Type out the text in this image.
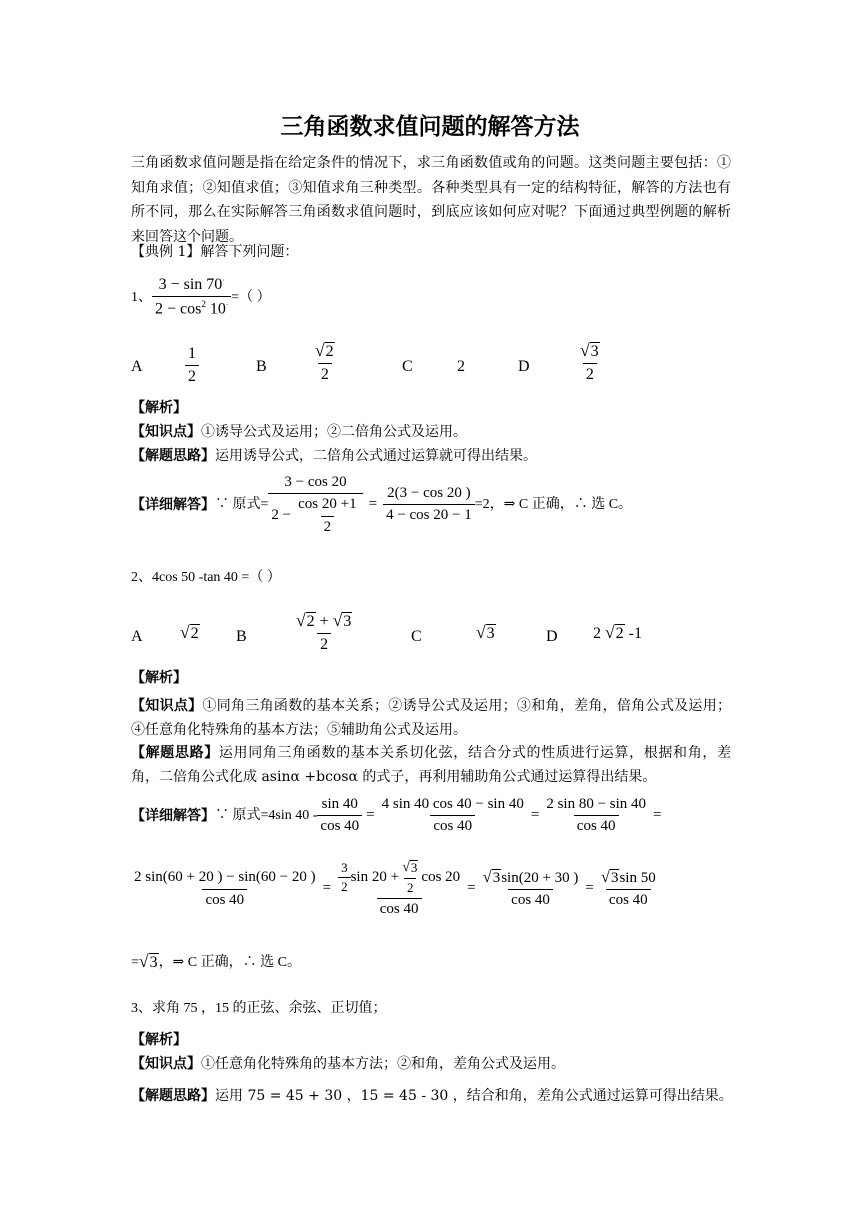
三角函数求值问题的解答方法
三角函数求值问题是指在给定条件的情况下，求三角函数值或角的问题。这类问题主要包括：①知角求值；②知值求值；③知值求角三种类型。各种类型具有一定的结构特征，解答的方法也有所不同，那么在实际解答三角函数求值问题时，到底应该如何应对呢？下面通过典型例题的解析来回答这个问题。
【典例 1】解答下列问题：
1、 $\frac{3 - \sin 70^\cdot}{2 - \cos^2 10^\cdot}$ =（ ）
A	$\frac{1}{2}$	B	$\frac{√ 2}{2}$	C	2	D	$\frac{√ 3}{2}$
【解析】
【知识点】①诱导公式及运用；②二倍角公式及运用。
【解题思路】运用诱导公式，二倍角公式通过运算就可得出结果。
【详细解答】 ∵ 原式= $\frac{3 - \cos 20}{2 - \frac{\cos 20 +1}{2}} = \frac{2(3 - \cos 20 )}{4 - \cos 20 - 1} =2$，⇒ C 正确，∴ 选 C。
2、4cos 50 -tan 40 =（ ）
A √ 2 B	$\frac{√ 2 + √ 3}{2}$	C	√ 3	D 2 √ 2 -1
【解析】
【知识点】①同角三角函数的基本关系；②诱导公式及运用；③和角，差角，倍角公式及运用；④任意角化特殊角的基本方法；⑤辅助角公式及运用。
【解题思路】运用同角三角函数的基本关系切化弦，结合分式的性质进行运算，根据和角，差角，二倍角公式化成 asinα +bcosα 的式子，再利用辅助角公式通过运算得出结果。
【详细解答】 ∵ 原式=4sin $40 - \frac{\sin 40}{\cos 40} = \frac{4 \sin 40 \cos 40 - \sin 40}{\cos 40} = \frac{2 \sin 80 - \sin 40}{\cos 40}$ =
$\frac{2 \sin(60 + 20 ) - \sin(60 - 20 )}{\cos 40} = \frac{\frac{3}{2} \sin 20 + \frac{√ 3}{2} \cos 20}{\cos 40} = \frac{√ 3 \sin(20 + 30 )}{\cos 40} = \frac{√ 3 \sin 50}{\cos 40}$
= √ 3 ，⇒ C 正确，∴ 选 C。
3、求角 75 ，15 的正弦、余弦、正切值；
【解析】
【知识点】①任意角化特殊角的基本方法；②和角，差角公式及运用。
【解题思路】运用 75 = 45 + 30 ，15 = 45 - 30 ，结合和角，差角公式通过运算可得出结果。
